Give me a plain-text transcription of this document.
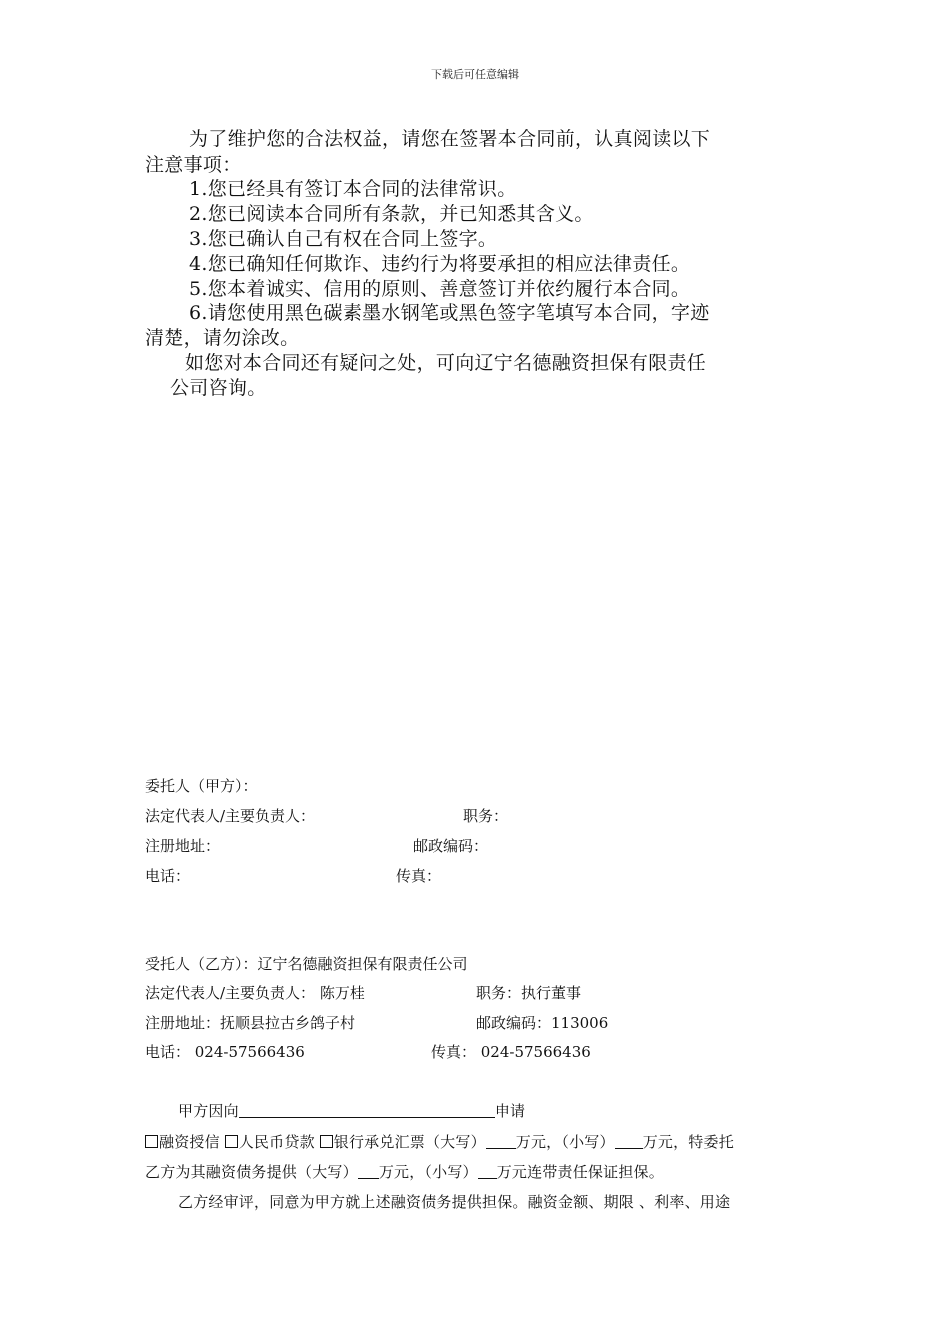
下载后可任意编辑
为了维护您的合法权益，请您在签署本合同前，认真阅读以下
注意事项：
1.您已经具有签订本合同的法律常识。
2.您已阅读本合同所有条款，并已知悉其含义。
3.您已确认自己有权在合同上签字。
4.您已确知任何欺诈、违约行为将要承担的相应法律责任。
5.您本着诚实、信用的原则、善意签订并依约履行本合同。
6.请您使用黑色碳素墨水钢笔或黑色签字笔填写本合同，字迹
清楚，请勿涂改。
如您对本合同还有疑问之处，可向辽宁名德融资担保有限责任
公司咨询。
委托人（甲方）：
法定代表人/主要负责人：	职务：
注册地址：	邮政编码：
电话：	传真：
受托人（乙方）：辽宁名德融资担保有限责任公司
法定代表人/主要负责人： 陈万桂	职务：执行董事
注册地址：抚顺县拉古乡鸽子村	邮政编码：113006
电话： 024-57566436	传真： 024-57566436
甲方因向	申请
融资授信 人民币贷款 银行承兑汇票（大写） 万元，（小写） 万元，特委托
乙方为其融资债务提供（大写） 万元，（小写） 万元连带责任保证担保。
乙方经审评，同意为甲方就上述融资债务提供担保。融资金额、期限 、利率、用途
